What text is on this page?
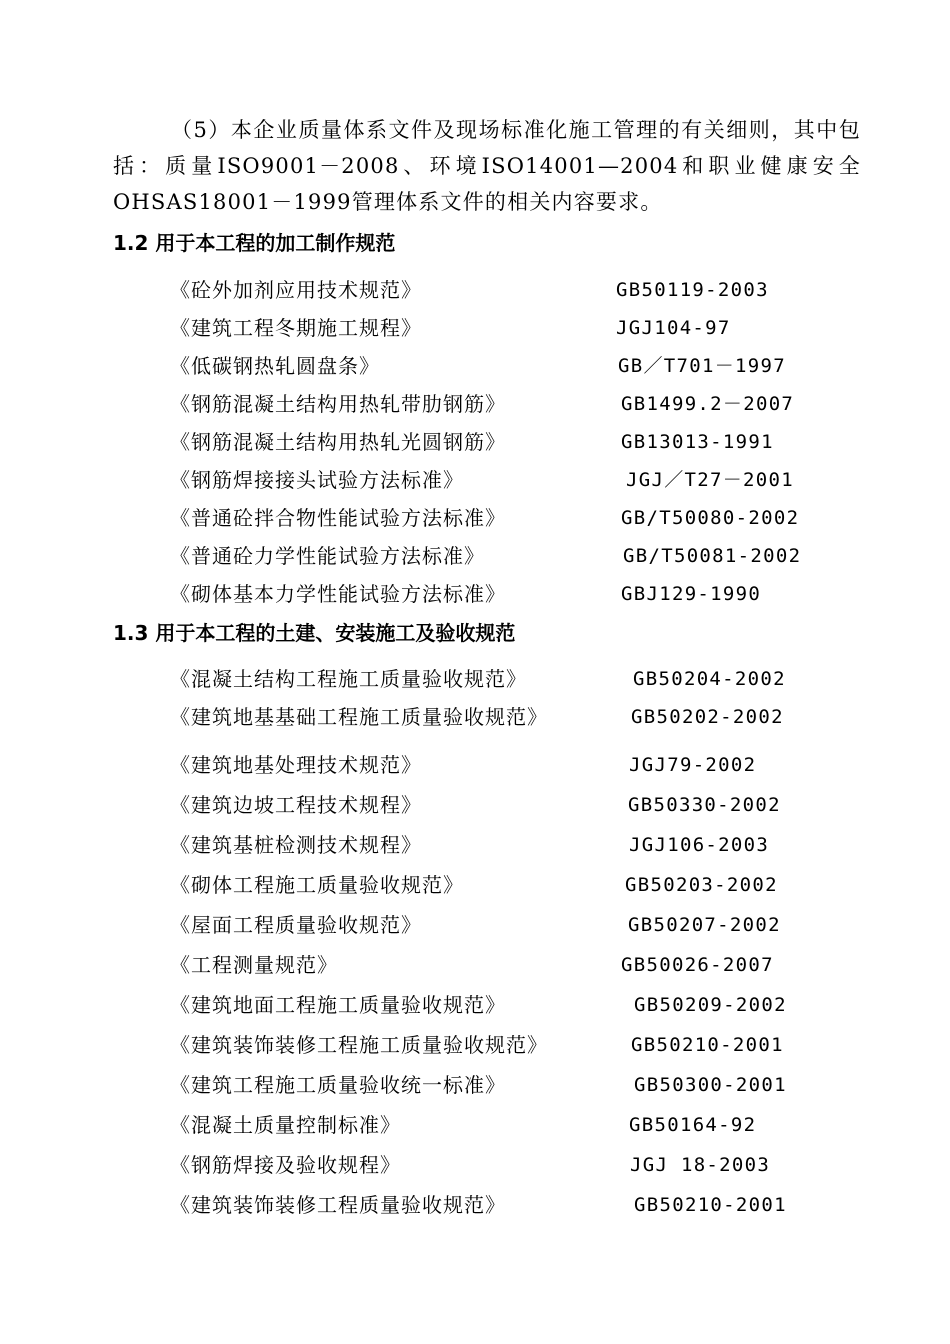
（5）本企业质量体系文件及现场标准化施工管理的有关细则，其中包括：质量ISO9001－2008、环境ISO14001—2004和职业健康安全OHSAS18001－1999管理体系文件的相关内容要求。

1.2 用于本工程的加工制作规范
《砼外加剂应用技术规范》	GB50119-2003
《建筑工程冬期施工规程》	JGJ104-97
《低碳钢热轧圆盘条》	GB／T701－1997
《钢筋混凝土结构用热轧带肋钢筋》	GB1499.2－2007
《钢筋混凝土结构用热轧光圆钢筋》	GB13013-1991
《钢筋焊接接头试验方法标准》	JGJ／T27－2001
《普通砼拌合物性能试验方法标准》	GB/T50080-2002
《普通砼力学性能试验方法标准》	GB/T50081-2002
《砌体基本力学性能试验方法标准》	GBJ129-1990
1.3 用于本工程的土建、安装施工及验收规范
《混凝土结构工程施工质量验收规范》	GB50204-2002
《建筑地基基础工程施工质量验收规范》	GB50202-2002
《建筑地基处理技术规范》	JGJ79-2002
《建筑边坡工程技术规程》	GB50330-2002
《建筑基桩检测技术规程》	JGJ106-2003
《砌体工程施工质量验收规范》	GB50203-2002
《屋面工程质量验收规范》	GB50207-2002
《工程测量规范》	GB50026-2007
《建筑地面工程施工质量验收规范》	GB50209-2002
《建筑装饰装修工程施工质量验收规范》	GB50210-2001
《建筑工程施工质量验收统一标准》	GB50300-2001
《混凝土质量控制标准》	GB50164-92
《钢筋焊接及验收规程》	JGJ 18-2003
《建筑装饰装修工程质量验收规范》	GB50210-2001
